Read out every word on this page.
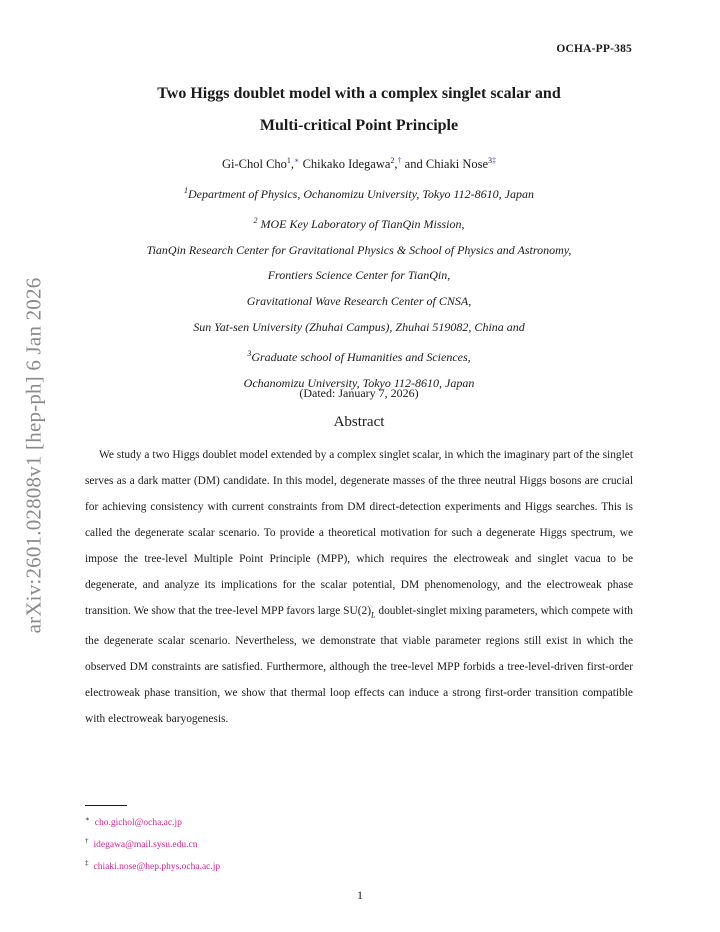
arXiv:2601.02808v1 [hep-ph] 6 Jan 2026
OCHA-PP-385
Two Higgs doublet model with a complex singlet scalar and
Multi-critical Point Principle
Gi-Chol Cho$^1$,∗ Chikako Idegawa$^2$,† and Chiaki Nose$^{3\ddagger}$
$^1$Department of Physics, Ochanomizu University, Tokyo 112-8610, Japan
$^2$ MOE Key Laboratory of TianQin Mission,
TianQin Research Center for Gravitational Physics & School of Physics and Astronomy,
Frontiers Science Center for TianQin,
Gravitational Wave Research Center of CNSA,
Sun Yat-sen University (Zhuhai Campus), Zhuhai 519082, China and
$^3$Graduate school of Humanities and Sciences,
Ochanomizu University, Tokyo 112-8610, Japan
(Dated: January 7, 2026)
Abstract
We study a two Higgs doublet model extended by a complex singlet scalar, in which the imaginary part of the singlet serves as a dark matter (DM) candidate. In this model, degenerate masses of the three neutral Higgs bosons are crucial for achieving consistency with current constraints from DM direct-detection experiments and Higgs searches. This is called the degenerate scalar scenario. To provide a theoretical motivation for such a degenerate Higgs spectrum, we impose the tree-level Multiple Point Principle (MPP), which requires the electroweak and singlet vacua to be degenerate, and analyze its implications for the scalar potential, DM phenomenology, and the electroweak phase transition. We show that the tree-level MPP favors large $SU(2)_L$ doublet-singlet mixing parameters, which compete with the degenerate scalar scenario. Nevertheless, we demonstrate that viable parameter regions still exist in which the observed DM constraints are satisfied. Furthermore, although the tree-level MPP forbids a tree-level-driven first-order electroweak phase transition, we show that thermal loop effects can induce a strong first-order transition compatible with electroweak baryogenesis.
∗ cho.gichol@ocha.ac.jp
† idegawa@mail.sysu.edu.cn
‡ chiaki.nose@hep.phys.ocha.ac.jp
1
